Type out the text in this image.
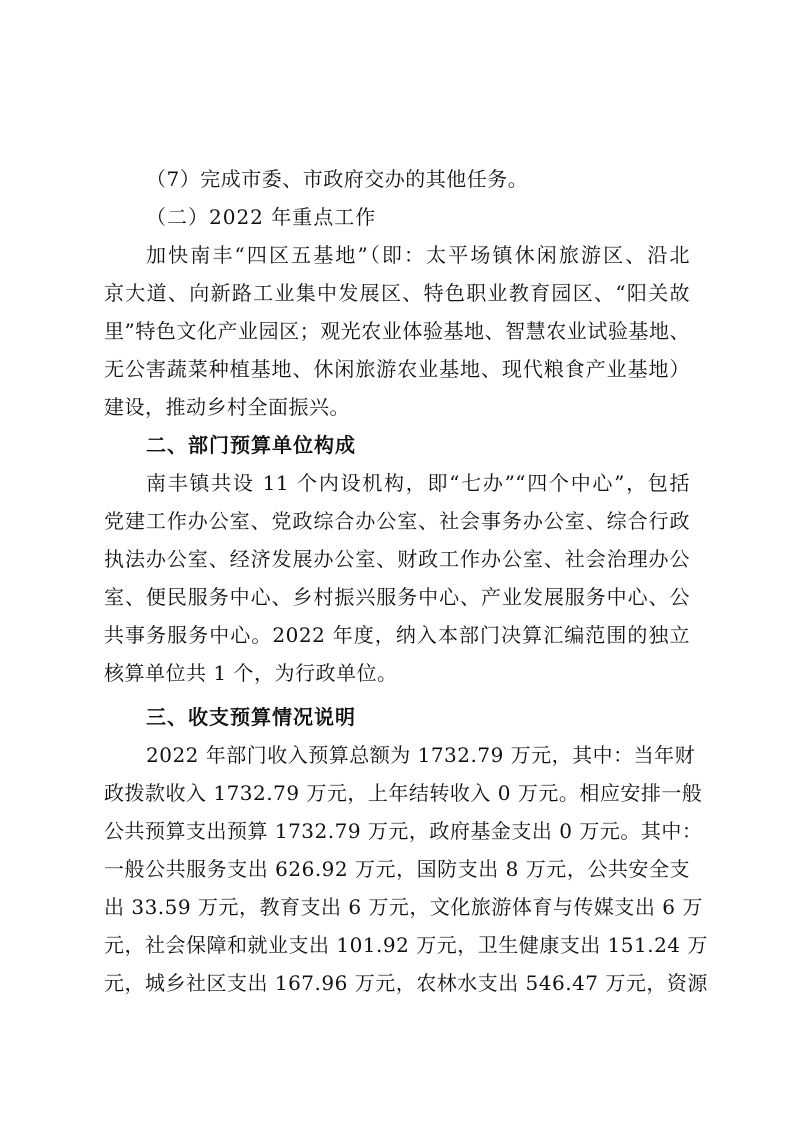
（7）完成市委、市政府交办的其他任务。
（二）2022 年重点工作
加快南丰“四区五基地”（即：太平场镇休闲旅游区、沿北
京大道、向新路工业集中发展区、特色职业教育园区、“阳关故
里”特色文化产业园区；观光农业体验基地、智慧农业试验基地、
无公害蔬菜种植基地、休闲旅游农业基地、现代粮食产业基地）
建设，推动乡村全面振兴。
二、部门预算单位构成
南丰镇共设 11 个内设机构，即“七办”“四个中心”，包括
党建工作办公室、党政综合办公室、社会事务办公室、综合行政
执法办公室、经济发展办公室、财政工作办公室、社会治理办公
室、便民服务中心、乡村振兴服务中心、产业发展服务中心、公
共事务服务中心。2022 年度，纳入本部门决算汇编范围的独立
核算单位共 1 个，为行政单位。
三、收支预算情况说明
2022 年部门收入预算总额为 1732.79 万元，其中：当年财
政拨款收入 1732.79 万元，上年结转收入 0 万元。相应安排一般
公共预算支出预算 1732.79 万元，政府基金支出 0 万元。其中：
一般公共服务支出 626.92 万元，国防支出 8 万元，公共安全支
出 33.59 万元，教育支出 6 万元，文化旅游体育与传媒支出 6 万
元，社会保障和就业支出 101.92 万元，卫生健康支出 151.24 万
元，城乡社区支出 167.96 万元，农林水支出 546.47 万元，资源
